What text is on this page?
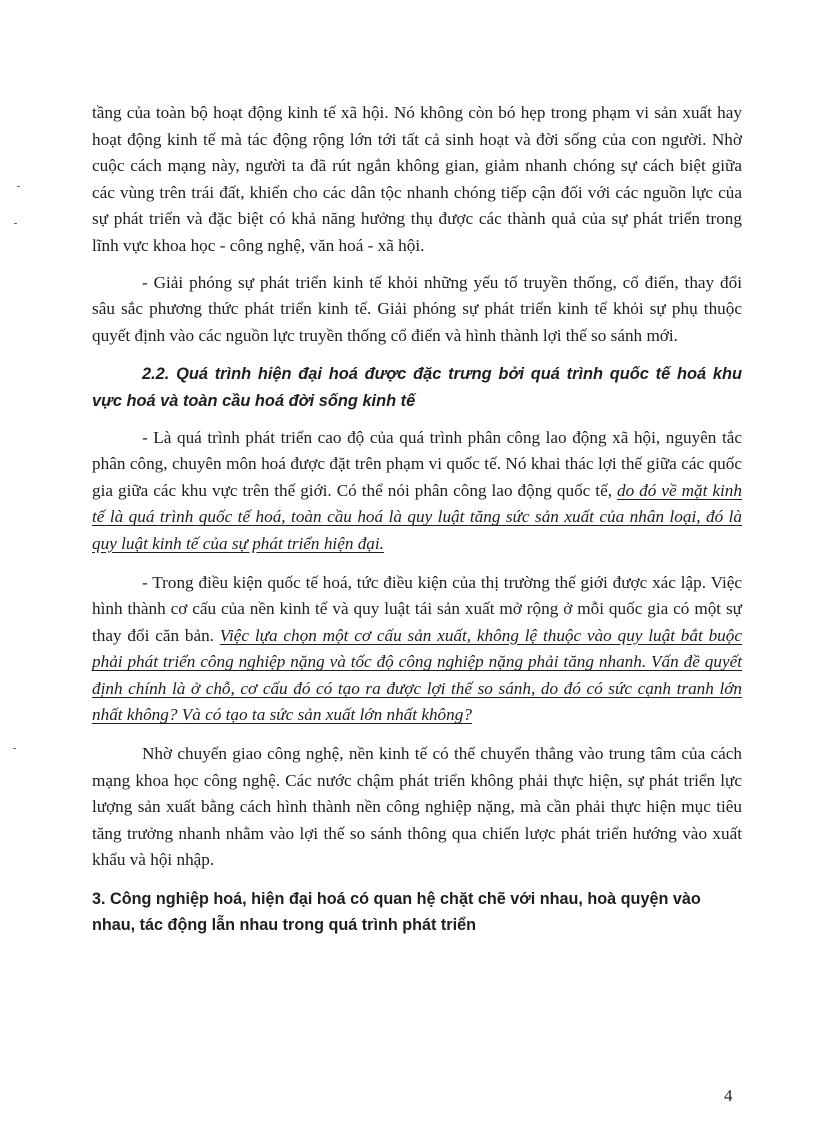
tầng của toàn bộ hoạt động kinh tế xã hội. Nó không còn bó hẹp trong phạm vi sản xuất hay hoạt động kinh tế mà tác động rộng lớn tới tất cả sinh hoạt và đời sống của con người. Nhờ cuộc cách mạng này, người ta đã rút ngắn không gian, giảm nhanh chóng sự cách biệt giữa các vùng trên trái đất, khiến cho các dân tộc nhanh chóng tiếp cận đối với các nguồn lực của sự phát triển và đặc biệt có khả năng hưởng thụ được các thành quả của sự phát triển trong lĩnh vực khoa học - công nghệ, văn hoá - xã hội.

- Giải phóng sự phát triển kinh tế khỏi những yếu tố truyền thống, cổ điển, thay đổi sâu sắc phương thức phát triển kinh tế. Giải phóng sự phát triển kinh tế khỏi sự phụ thuộc quyết định vào các nguồn lực truyền thống cổ điển và hình thành lợi thế so sánh mới.

2.2. Quá trình hiện đại hoá được đặc trưng bởi quá trình quốc tế hoá khu vực hoá và toàn cầu hoá đời sống kinh tế

- Là quá trình phát triển cao độ của quá trình phân công lao động xã hội, nguyên tắc phân công, chuyên môn hoá được đặt trên phạm vi quốc tế. Nó khai thác lợi thế giữa các quốc gia giữa các khu vực trên thế giới. Có thể nói phân công lao động quốc tế, do đó về mặt kinh tế là quá trình quốc tế hoá, toàn cầu hoá là quy luật tăng sức sản xuất của nhân loại, đó là quy luật kinh tế của sự phát triển hiện đại.

- Trong điều kiện quốc tế hoá, tức điều kiện của thị trường thế giới được xác lập. Việc hình thành cơ cấu của nền kinh tế và quy luật tái sản xuất mở rộng ở mỗi quốc gia có một sự thay đổi căn bản. Việc lựa chọn một cơ cấu sản xuất, không lệ thuộc vào quy luật bắt buộc phải phát triển công nghiệp nặng và tốc độ công nghiệp nặng phải tăng nhanh. Vấn đề quyết định chính là ở chỗ, cơ cấu đó có tạo ra được lợi thế so sánh, do đó có sức cạnh tranh lớn nhất không? Và có tạo ta sức sản xuất lớn nhất không?

Nhờ chuyển giao công nghệ, nền kinh tế có thể chuyển thẳng vào trung tâm của cách mạng khoa học công nghệ. Các nước chậm phát triển không phải thực hiện, sự phát triển lực lượng sản xuất bằng cách hình thành nền công nghiệp nặng, mà cần phải thực hiện mục tiêu tăng trưởng nhanh nhằm vào lợi thế so sánh thông qua chiến lược phát triển hướng vào xuất khẩu và hội nhập.

3. Công nghiệp hoá, hiện đại hoá có quan hệ chặt chẽ với nhau, hoà quyện vào nhau, tác động lẫn nhau trong quá trình phát triển

4
